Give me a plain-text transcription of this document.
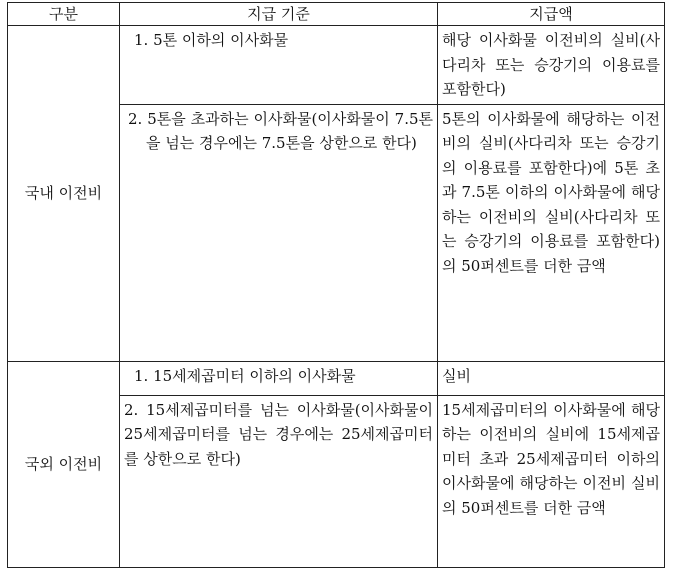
구분	지급 기준	지급액
국내 이전비	1. 5톤 이하의 이사화물	해당 이사화물 이전비의 실비(사다리차 또는 승강기의 이용료를 포함한다)

	2. 5톤을 초과하는 이사화물(이사화물이 7.5톤을 넘는 경우에는 7.5톤을 상한으로 한다)	5톤의 이사화물에 해당하는 이전비의 실비(사다리차 또는 승강기의 이용료를 포함한다)에 5톤 초과 7.5톤 이하의 이사화물에 해당하는 이전비의 실비(사다리차 또는 승강기의 이용료를 포함한다)의 50퍼센트를 더한 금액
국외 이전비	1. 15세제곱미터 이하의 이사화물	실비
	2. 15세제곱미터를 넘는 이사화물(이사화물이 25세제곱미터를 넘는 경우에는 25세제곱미터를 상한으로 한다)	15세제곱미터의 이사화물에 해당하는 이전비의 실비에 15세제곱미터 초과 25세제곱미터 이하의 이사화물에 해당하는 이전비 실비의 50퍼센트를 더한 금액
